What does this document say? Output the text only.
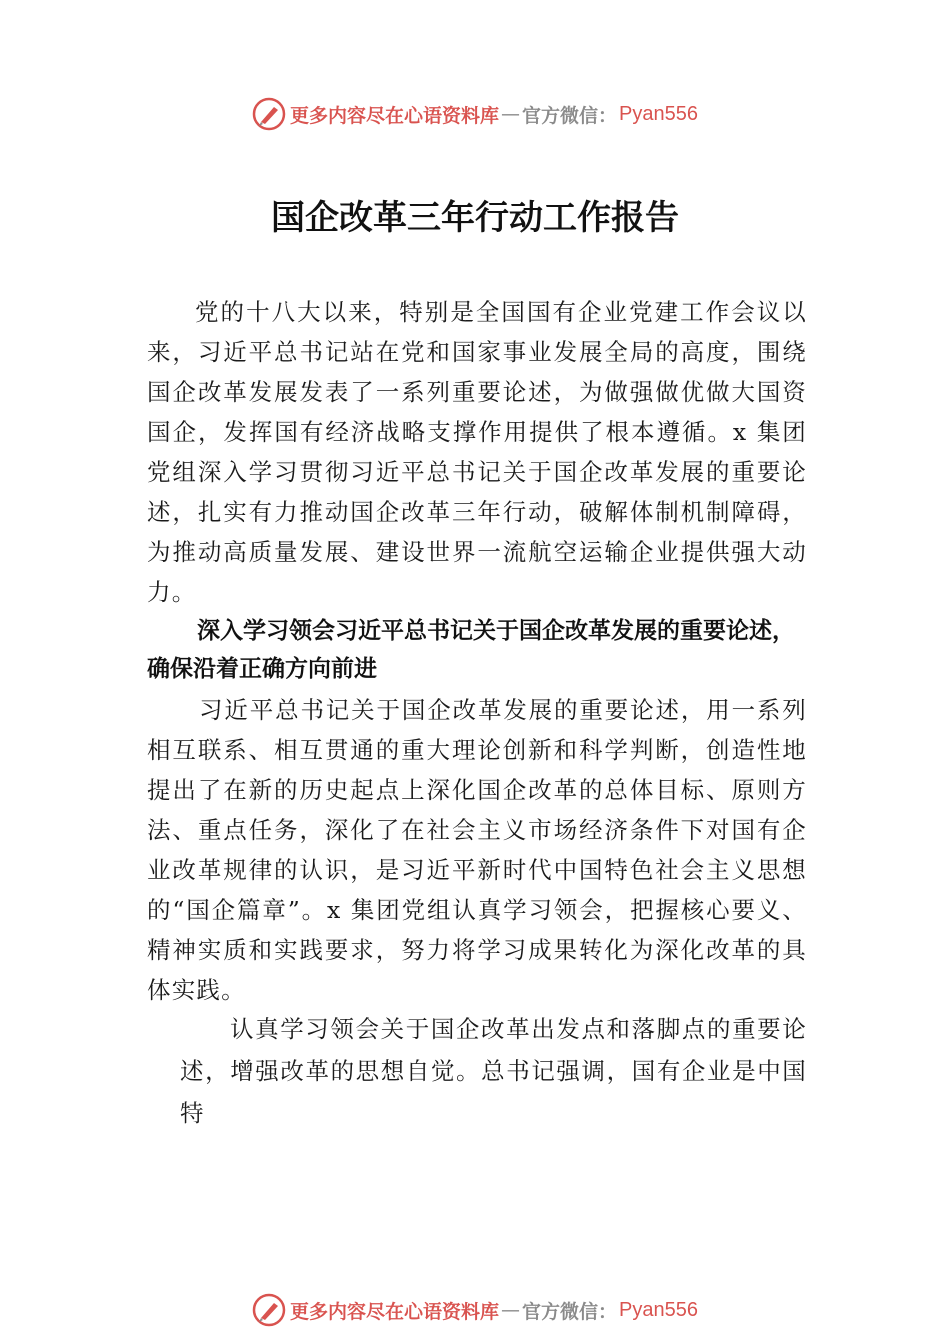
更多内容尽在心语资料库 — 官方微信： Pyan556
国企改革三年行动工作报告
党的十八大以来，特别是全国国有企业党建工作会议以来，习近平总书记站在党和国家事业发展全局的高度，围绕国企改革发展发表了一系列重要论述，为做强做优做大国资国企，发挥国有经济战略支撑作用提供了根本遵循。x 集团党组深入学习贯彻习近平总书记关于国企改革发展的重要论述，扎实有力推动国企改革三年行动，破解体制机制障碍，为推动高质量发展、建设世界一流航空运输企业提供强大动力。
深入学习领会习近平总书记关于国企改革发展的重要论述，确保沿着正确方向前进
习近平总书记关于国企改革发展的重要论述，用一系列相互联系、相互贯通的重大理论创新和科学判断，创造性地提出了在新的历史起点上深化国企改革的总体目标、原则方法、重点任务，深化了在社会主义市场经济条件下对国有企业改革规律的认识，是习近平新时代中国特色社会主义思想的“国企篇章”。x 集团党组认真学习领会，把握核心要义、精神实质和实践要求，努力将学习成果转化为深化改革的具体实践。
认真学习领会关于国企改革出发点和落脚点的重要论述，增强改革的思想自觉。总书记强调，国有企业是中国特
更多内容尽在心语资料库 — 官方微信： Pyan556
